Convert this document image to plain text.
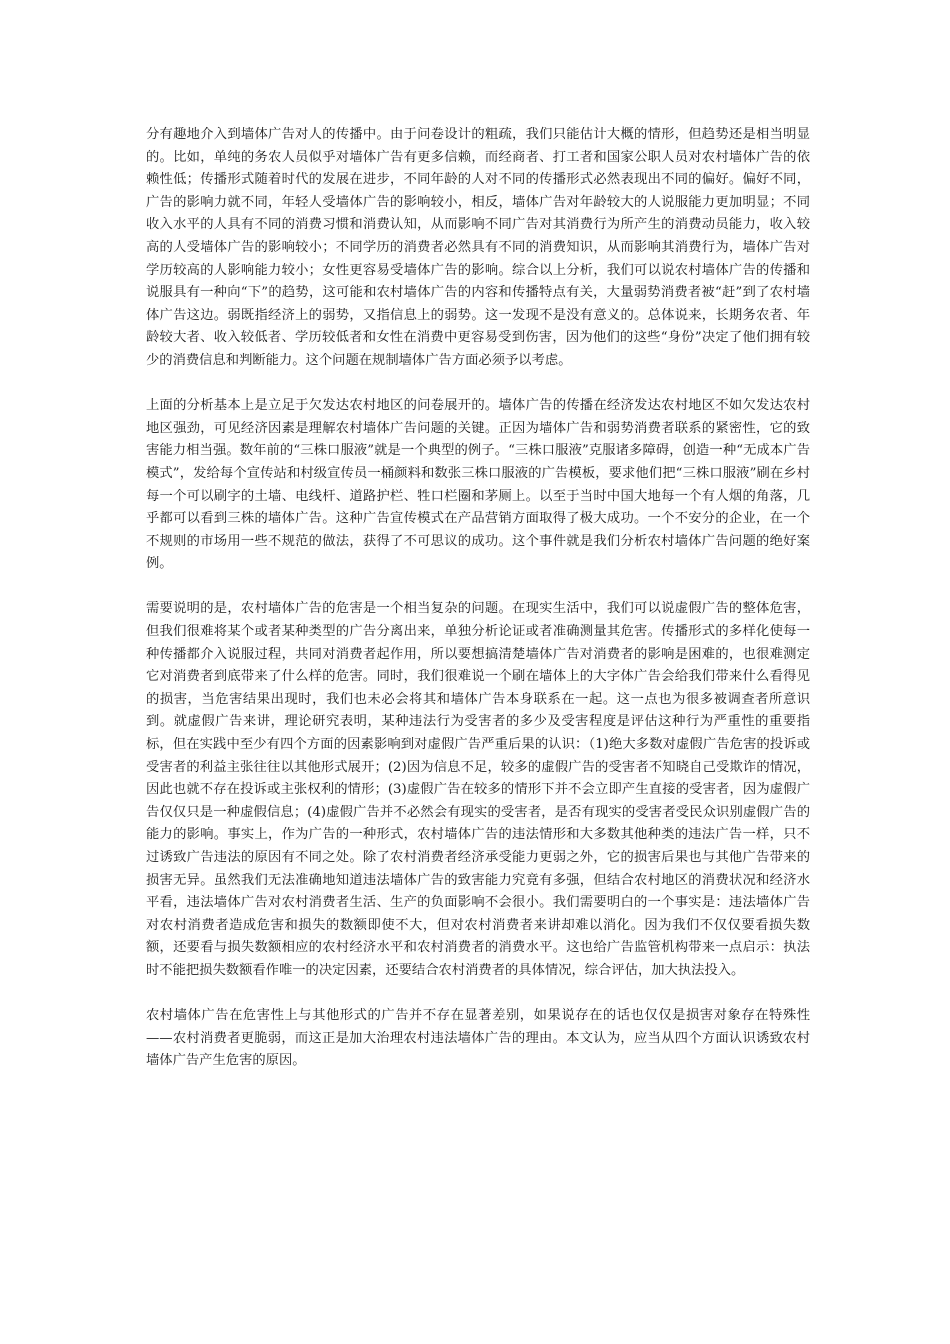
分有趣地介入到墙体广告对人的传播中。由于问卷设计的粗疏，我们只能估计大概的情形，但趋势还是相当明显的。比如，单纯的务农人员似乎对墙体广告有更多信赖，而经商者、打工者和国家公职人员对农村墙体广告的依赖性低；传播形式随着时代的发展在进步，不同年龄的人对不同的传播形式必然表现出不同的偏好。偏好不同，广告的影响力就不同，年轻人受墙体广告的影响较小，相反，墙体广告对年龄较大的人说服能力更加明显；不同收入水平的人具有不同的消费习惯和消费认知，从而影响不同广告对其消费行为所产生的消费动员能力，收入较高的人受墙体广告的影响较小；不同学历的消费者必然具有不同的消费知识，从而影响其消费行为，墙体广告对学历较高的人影响能力较小；女性更容易受墙体广告的影响。综合以上分析，我们可以说农村墙体广告的传播和说服具有一种向“下”的趋势，这可能和农村墙体广告的内容和传播特点有关，大量弱势消费者被“赶”到了农村墙体广告这边。弱既指经济上的弱势，又指信息上的弱势。这一发现不是没有意义的。总体说来，长期务农者、年龄较大者、收入较低者、学历较低者和女性在消费中更容易受到伤害，因为他们的这些“身份”决定了他们拥有较少的消费信息和判断能力。这个问题在规制墙体广告方面必须予以考虑。

上面的分析基本上是立足于欠发达农村地区的问卷展开的。墙体广告的传播在经济发达农村地区不如欠发达农村地区强劲，可见经济因素是理解农村墙体广告问题的关键。正因为墙体广告和弱势消费者联系的紧密性，它的致害能力相当强。数年前的“三株口服液”就是一个典型的例子。“三株口服液”克服诸多障碍，创造一种“无成本广告模式”，发给每个宣传站和村级宣传员一桶颜料和数张三株口服液的广告模板，要求他们把“三株口服液”刷在乡村每一个可以刷字的土墙、电线杆、道路护栏、牲口栏圈和茅厕上。以至于当时中国大地每一个有人烟的角落，几乎都可以看到三株的墙体广告。这种广告宣传模式在产品营销方面取得了极大成功。一个不安分的企业，在一个不规则的市场用一些不规范的做法，获得了不可思议的成功。这个事件就是我们分析农村墙体广告问题的绝好案例。

需要说明的是，农村墙体广告的危害是一个相当复杂的问题。在现实生活中，我们可以说虚假广告的整体危害，但我们很难将某个或者某种类型的广告分离出来，单独分析论证或者准确测量其危害。传播形式的多样化使每一种传播都介入说服过程，共同对消费者起作用，所以要想搞清楚墙体广告对消费者的影响是困难的，也很难测定它对消费者到底带来了什么样的危害。同时，我们很难说一个刷在墙体上的大字体广告会给我们带来什么看得见的损害，当危害结果出现时，我们也未必会将其和墙体广告本身联系在一起。这一点也为很多被调查者所意识到。就虚假广告来讲，理论研究表明，某种违法行为受害者的多少及受害程度是评估这种行为严重性的重要指标，但在实践中至少有四个方面的因素影响到对虚假广告严重后果的认识：（1)绝大多数对虚假广告危害的投诉或受害者的利益主张往往以其他形式展开；(2)因为信息不足，较多的虚假广告的受害者不知晓自己受欺诈的情况，因此也就不存在投诉或主张权利的情形；(3)虚假广告在较多的情形下并不会立即产生直接的受害者，因为虚假广告仅仅只是一种虚假信息；(4)虚假广告并不必然会有现实的受害者，是否有现实的受害者受民众识别虚假广告的能力的影响。事实上，作为广告的一种形式，农村墙体广告的违法情形和大多数其他种类的违法广告一样，只不过诱致广告违法的原因有不同之处。除了农村消费者经济承受能力更弱之外，它的损害后果也与其他广告带来的损害无异。虽然我们无法准确地知道违法墙体广告的致害能力究竟有多强，但结合农村地区的消费状况和经济水平看，违法墙体广告对农村消费者生活、生产的负面影响不会很小。我们需要明白的一个事实是：违法墙体广告对农村消费者造成危害和损失的数额即使不大，但对农村消费者来讲却难以消化。因为我们不仅仅要看损失数额，还要看与损失数额相应的农村经济水平和农村消费者的消费水平。这也给广告监管机构带来一点启示：执法时不能把损失数额看作唯一的决定因素，还要结合农村消费者的具体情况，综合评估，加大执法投入。

农村墙体广告在危害性上与其他形式的广告并不存在显著差别，如果说存在的话也仅仅是损害对象存在特殊性——农村消费者更脆弱，而这正是加大治理农村违法墙体广告的理由。本文认为，应当从四个方面认识诱致农村墙体广告产生危害的原因。
